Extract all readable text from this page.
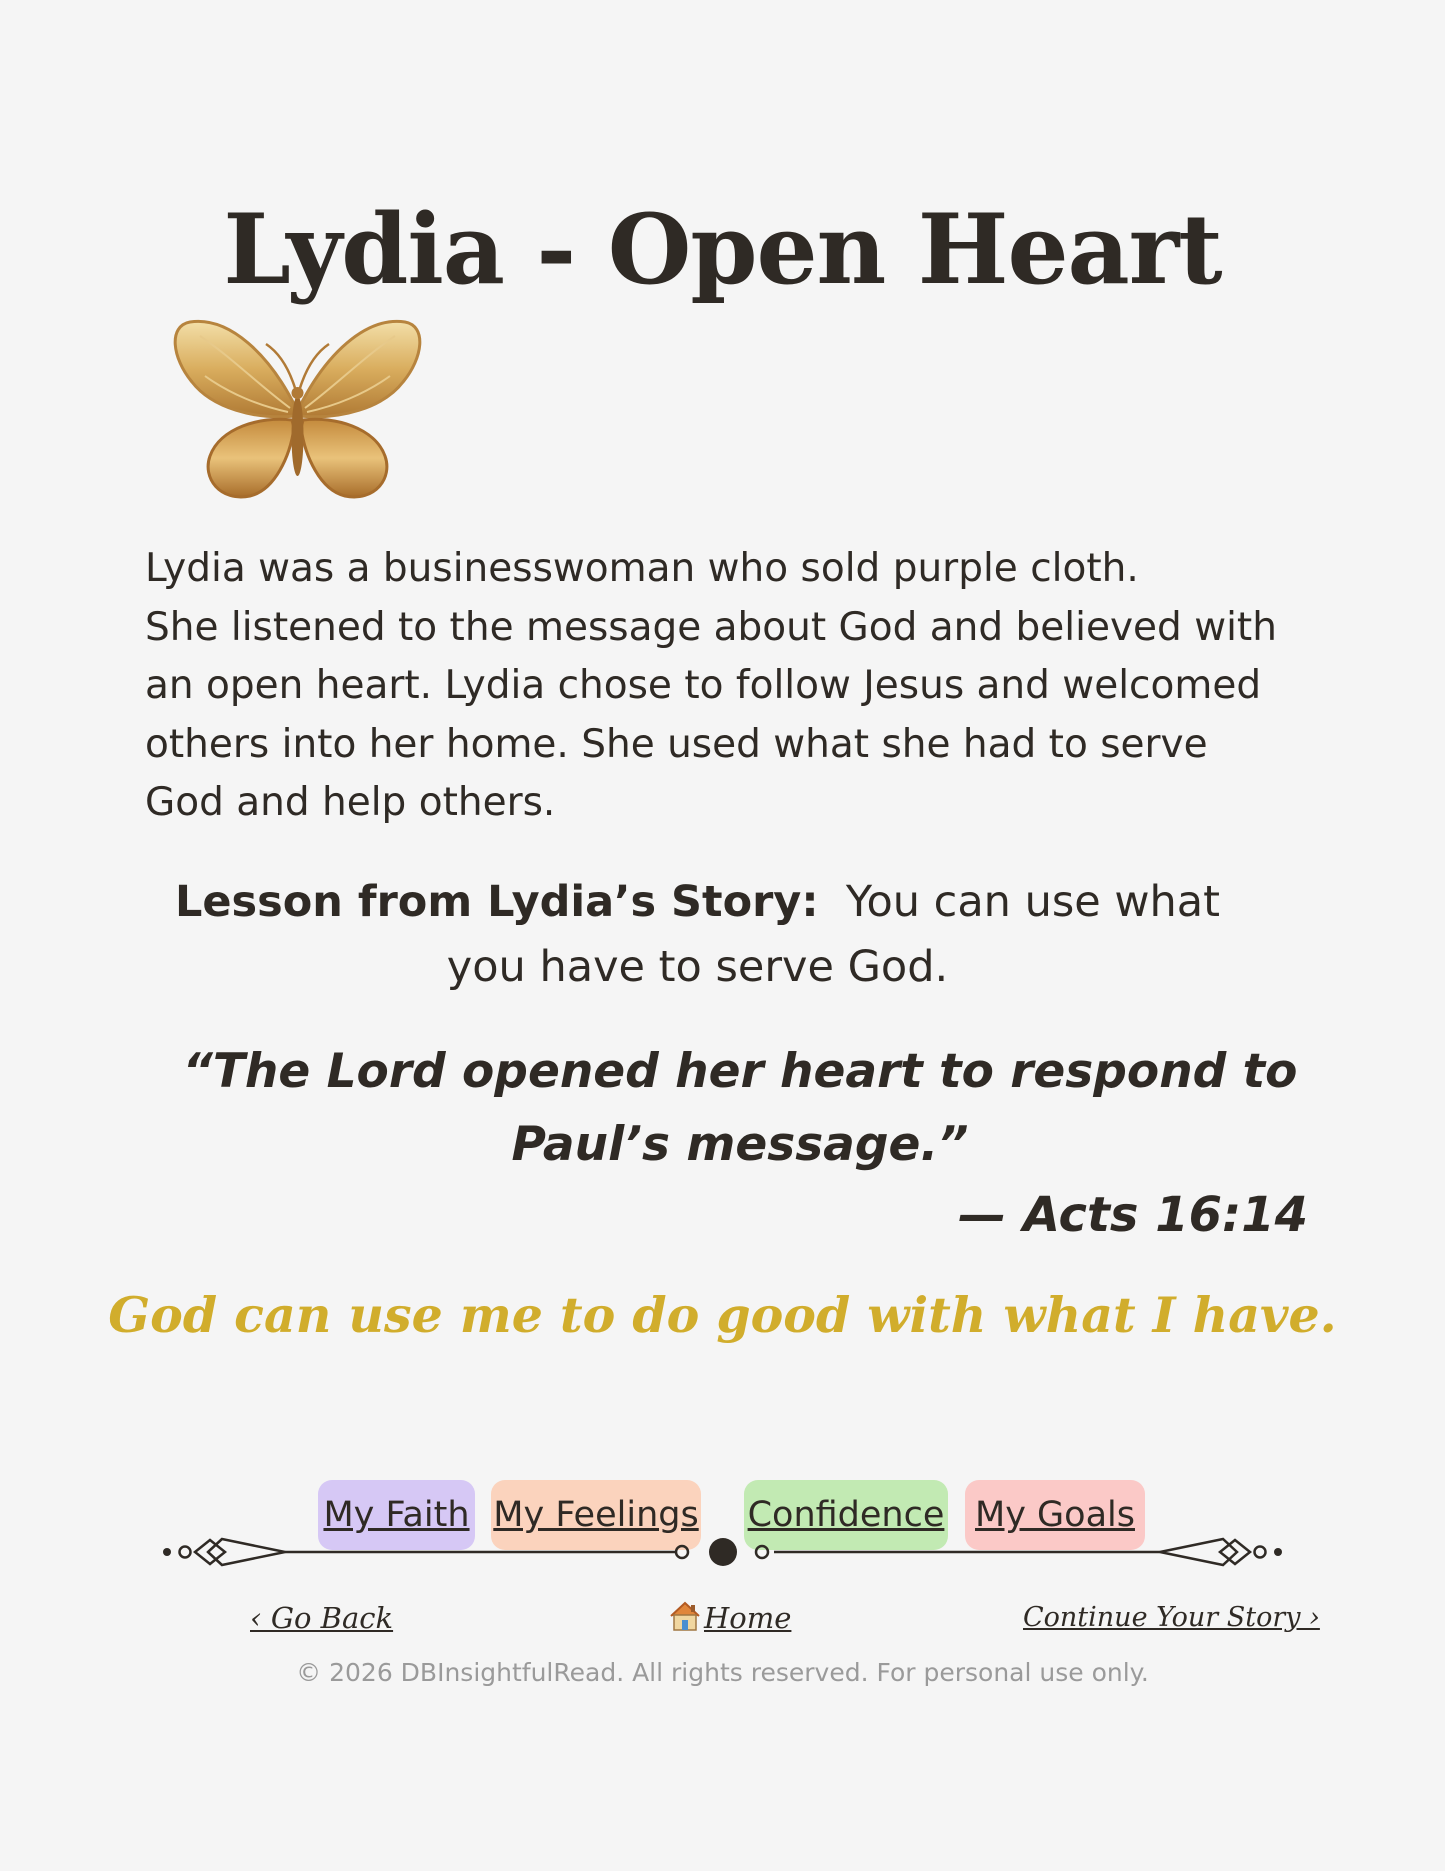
Lydia - Open Heart
Lydia was a businesswoman who sold purple cloth.
She listened to the message about God and believed with
an open heart. Lydia chose to follow Jesus and welcomed
others into her home. She used what she had to serve
God and help others.
Lesson from Lydia’s Story: You can use what
you have to serve God.
“The Lord opened her heart to respond to
Paul’s message.”
— Acts 16:14
God can use me to do good with what I have.
My Faith My Feelings Confidence My Goals
‹ Go Back	Home	Continue Your Story ›
© 2026 DBInsightfulRead. All rights reserved. For personal use only.
